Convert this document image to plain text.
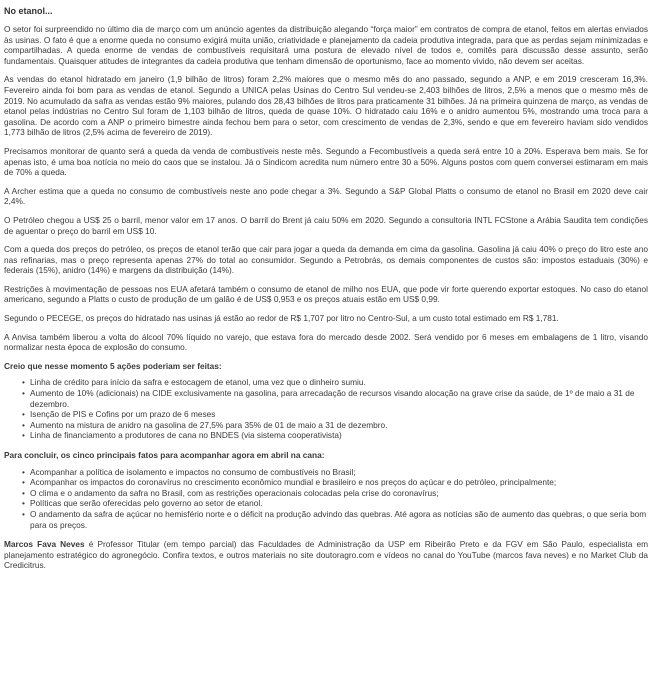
No etanol...

O setor foi surpreendido no último dia de março com um anúncio agentes da distribuição alegando “força maior” em contratos de compra de etanol, feitos em alertas enviados às usinas. O fato é que a enorme queda no consumo exigirá muita união, criatividade e planejamento da cadeia produtiva integrada, para que as perdas sejam minimizadas e compartilhadas. A queda enorme de vendas de combustíveis requisitará uma postura de elevado nível de todos e, comitês para discussão desse assunto, serão fundamentais. Quaisquer atitudes de integrantes da cadeia produtiva que tenham dimensão de oportunismo, face ao momento vivido, não devem ser aceitas.

As vendas do etanol hidratado em janeiro (1,9 bilhão de litros) foram 2,2% maiores que o mesmo mês do ano passado, segundo a ANP, e em 2019 cresceram 16,3%. Fevereiro ainda foi bom para as vendas de etanol. Segundo a UNICA pelas Usinas do Centro Sul vendeu-se 2,403 bilhões de litros, 2,5% a menos que o mesmo mês de 2019. No acumulado da safra as vendas estão 9% maiores, pulando dos 28,43 bilhões de litros para praticamente 31 bilhões. Já na primeira quinzena de março, as vendas de etanol pelas indústrias no Centro Sul foram de 1,103 bilhão de litros, queda de quase 10%. O hidratado caiu 16% e o anidro aumentou 5%, mostrando uma troca para a gasolina. De acordo com a ANP o primeiro bimestre ainda fechou bem para o setor, com crescimento de vendas de 2,3%, sendo e que em fevereiro haviam sido vendidos 1,773 bilhão de litros (2,5% acima de fevereiro de 2019).

Precisamos monitorar de quanto será a queda da venda de combustíveis neste mês. Segundo a Fecombustíveis a queda será entre 10 a 20%. Esperava bem mais. Se for apenas isto, é uma boa notícia no meio do caos que se instalou. Já o Sindicom acredita num número entre 30 a 50%. Alguns postos com quem conversei estimaram em mais de 70% a queda.

A Archer estima que a queda no consumo de combustíveis neste ano pode chegar a 3%. Segundo a S&P Global Platts o consumo de etanol no Brasil em 2020 deve cair 2,4%.

O Petróleo chegou a US$ 25 o barril, menor valor em 17 anos. O barril do Brent já caiu 50% em 2020. Segundo a consultoria INTL FCStone a Arábia Saudita tem condições de aguentar o preço do barril em US$ 10.

Com a queda dos preços do petróleo, os preços de etanol terão que cair para jogar a queda da demanda em cima da gasolina. Gasolina já caiu 40% o preço do litro este ano nas refinarias, mas o preço representa apenas 27% do total ao consumidor. Segundo a Petrobrás, os demais componentes de custos são: impostos estaduais (30%) e federais (15%), anidro (14%) e margens da distribuição (14%).

Restrições à movimentação de pessoas nos EUA afetará também o consumo de etanol de milho nos EUA, que pode vir forte querendo exportar estoques. No caso do etanol americano, segundo a Platts o custo de produção de um galão é de US$ 0,953 e os preços atuais estão em US$ 0,99.

Segundo o PECEGE, os preços do hidratado nas usinas já estão ao redor de R$ 1,707 por litro no Centro-Sul, a um custo total estimado em R$ 1,781.

A Anvisa também liberou a volta do álcool 70% líquido no varejo, que estava fora do mercado desde 2002. Será vendido por 6 meses em embalagens de 1 litro, visando normalizar nesta época de explosão do consumo.

Creio que nesse momento 5 ações poderiam ser feitas:
• Linha de crédito para início da safra e estocagem de etanol, uma vez que o dinheiro sumiu.
• Aumento de 10% (adicionais) na CIDE exclusivamente na gasolina, para arrecadação de recursos visando alocação na grave crise da saúde, de 1º de maio a 31 de dezembro.
• Isenção de PIS e Cofins por um prazo de 6 meses
• Aumento na mistura de anidro na gasolina de 27,5% para 35% de 01 de maio a 31 de dezembro.
• Linha de financiamento a produtores de cana no BNDES (via sistema cooperativista)
Para concluir, os cinco principais fatos para acompanhar agora em abril na cana:
• Acompanhar a política de isolamento e impactos no consumo de combustíveis no Brasil;
• Acompanhar os impactos do coronavírus no crescimento econômico mundial e brasileiro e nos preços do açúcar e do petróleo, principalmente;
• O clima e o andamento da safra no Brasil, com as restrições operacionais colocadas pela crise do coronavírus;
• Políticas que serão oferecidas pelo governo ao setor de etanol.
• O andamento da safra de açúcar no hemisfério norte e o déficit na produção advindo das quebras. Até agora as notícias são de aumento das quebras, o que seria bom para os preços.

Marcos Fava Neves é Professor Titular (em tempo parcial) das Faculdades de Administração da USP em Ribeirão Preto e da FGV em São Paulo, especialista em planejamento estratégico do agronegócio. Confira textos, e outros materiais no site doutoragro.com e vídeos no canal do YouTube (marcos fava neves) e no Market Club da Credicitrus.
